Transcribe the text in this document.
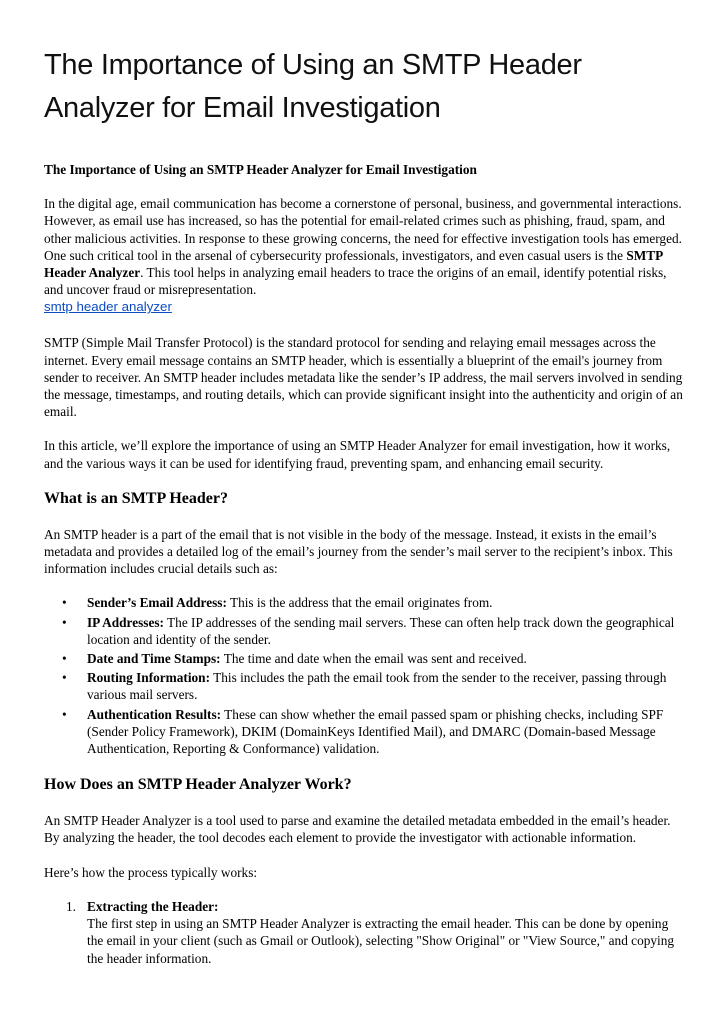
The Importance of Using an SMTP Header Analyzer for Email Investigation

The Importance of Using an SMTP Header Analyzer for Email Investigation

In the digital age, email communication has become a cornerstone of personal, business, and governmental interactions. However, as email use has increased, so has the potential for email-related crimes such as phishing, fraud, spam, and other malicious activities. In response to these growing concerns, the need for effective investigation tools has emerged. One such critical tool in the arsenal of cybersecurity professionals, investigators, and even casual users is the SMTP Header Analyzer. This tool helps in analyzing email headers to trace the origins of an email, identify potential risks, and uncover fraud or misrepresentation.

smtp header analyzer

SMTP (Simple Mail Transfer Protocol) is the standard protocol for sending and relaying email messages across the internet. Every email message contains an SMTP header, which is essentially a blueprint of the email's journey from sender to receiver. An SMTP header includes metadata like the sender’s IP address, the mail servers involved in sending the message, timestamps, and routing details, which can provide significant insight into the authenticity and origin of an email.

In this article, we’ll explore the importance of using an SMTP Header Analyzer for email investigation, how it works, and the various ways it can be used for identifying fraud, preventing spam, and enhancing email security.

What is an SMTP Header?

An SMTP header is a part of the email that is not visible in the body of the message. Instead, it exists in the email’s metadata and provides a detailed log of the email’s journey from the sender’s mail server to the recipient’s inbox. This information includes crucial details such as:

• Sender’s Email Address: This is the address that the email originates from.
• IP Addresses: The IP addresses of the sending mail servers. These can often help track down the geographical location and identity of the sender.
• Date and Time Stamps: The time and date when the email was sent and received.
• Routing Information: This includes the path the email took from the sender to the receiver, passing through various mail servers.
• Authentication Results: These can show whether the email passed spam or phishing checks, including SPF (Sender Policy Framework), DKIM (DomainKeys Identified Mail), and DMARC (Domain-based Message Authentication, Reporting & Conformance) validation.
How Does an SMTP Header Analyzer Work?

An SMTP Header Analyzer is a tool used to parse and examine the detailed metadata embedded in the email’s header. By analyzing the header, the tool decodes each element to provide the investigator with actionable information.

Here’s how the process typically works:

1. Extracting the Header:
The first step in using an SMTP Header Analyzer is extracting the email header. This can be done by opening the email in your client (such as Gmail or Outlook), selecting "Show Original" or "View Source," and copying the header information.
